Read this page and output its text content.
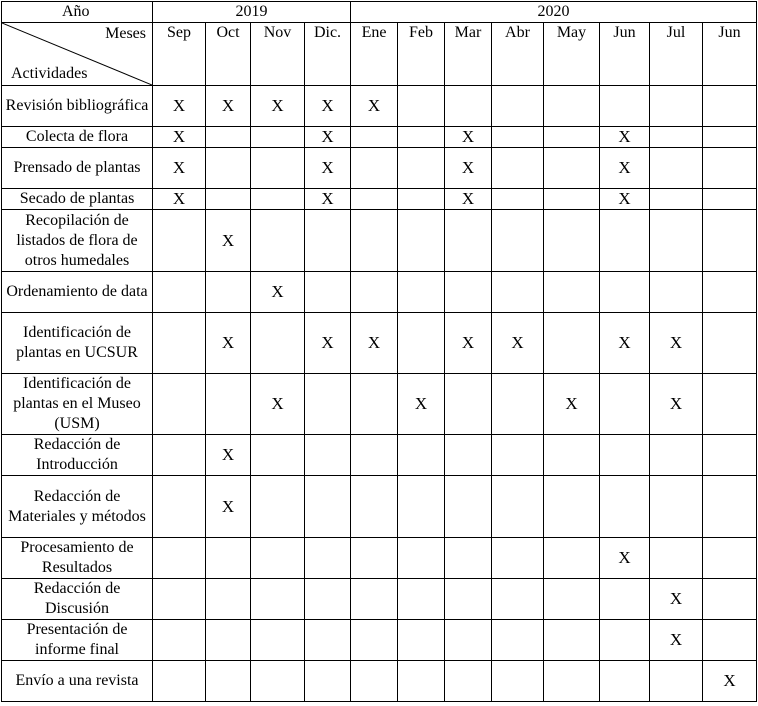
Año	2019				2020							

Meses
Actividades	Sep	Oct	Nov	Dic.	Ene	Feb	Mar	Abr	May	Jun	Jul	Jun
Revisión bibliográfica	X	X	X	X	X							
Colecta de flora	X			X			X			X		
Prensado de plantas	X			X			X			X		
Secado de plantas	X			X			X			X		
Recopilación de listados de flora de otros humedales		X										
Ordenamiento de data			X									
Identificación de plantas en UCSUR		X		X	X		X	X		X	X	
Identificación de plantas en el Museo (USM)			X			X			X		X	
Redacción de Introducción		X										
Redacción de Materiales y métodos		X										
Procesamiento de Resultados										X		
Redacción de Discusión											X	
Presentación de informe final											X	
Envío a una revista												X
